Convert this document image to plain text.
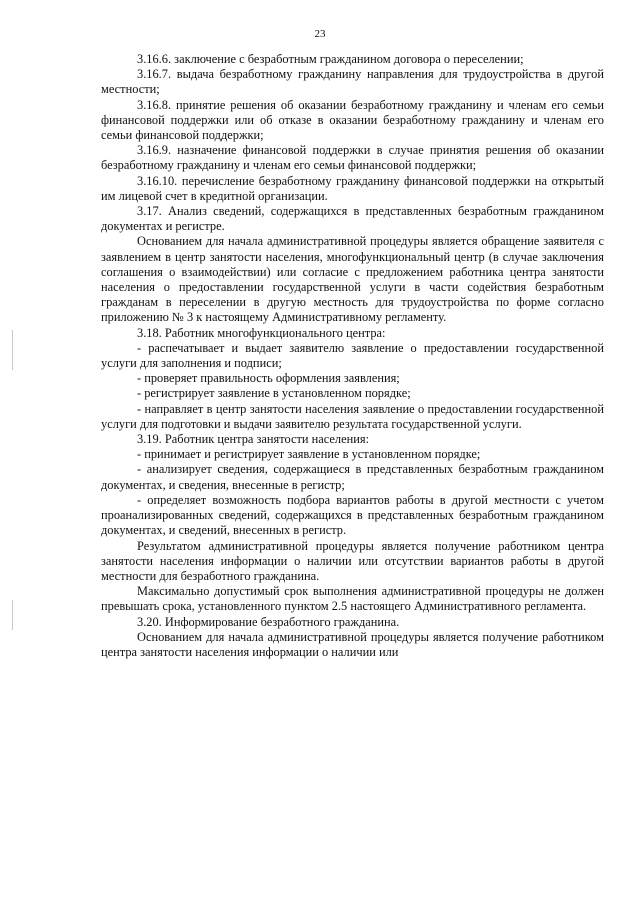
23

3.16.6. заключение с безработным гражданином договора о переселении;

3.16.7. выдача безработному гражданину направления для трудоустройства в другой местности;

3.16.8. принятие решения об оказании безработному гражданину и членам его семьи финансовой поддержки или об отказе в оказании безработному гражданину и членам его семьи финансовой поддержки;

3.16.9. назначение финансовой поддержки в случае принятия решения об оказании безработному гражданину и членам его семьи финансовой поддержки;

3.16.10. перечисление безработному гражданину финансовой поддержки на открытый им лицевой счет в кредитной организации.

3.17. Анализ сведений, содержащихся в представленных безработным гражданином документах и регистре.

Основанием для начала административной процедуры является обращение заявителя с заявлением в центр занятости населения, многофункциональный центр (в случае заключения соглашения о взаимодействии) или согласие с предложением работника центра занятости населения о предоставлении государственной услуги в части содействия безработным гражданам в переселении в другую местность для трудоустройства по форме согласно приложению № 3 к настоящему Административному регламенту.

3.18. Работник многофункционального центра:

- распечатывает и выдает заявителю заявление о предоставлении государственной услуги для заполнения и подписи;

- проверяет правильность оформления заявления;

- регистрирует заявление в установленном порядке;

- направляет в центр занятости населения заявление о предоставлении государственной услуги для подготовки и выдачи заявителю результата государственной услуги.

3.19. Работник центра занятости населения:

- принимает и регистрирует заявление в установленном порядке;

- анализирует сведения, содержащиеся в представленных безработным гражданином документах, и сведения, внесенные в регистр;

- определяет возможность подбора вариантов работы в другой местности с учетом проанализированных сведений, содержащихся в представленных безработным гражданином документах, и сведений, внесенных в регистр.

Результатом административной процедуры является получение работником центра занятости населения информации о наличии или отсутствии вариантов работы в другой местности для безработного гражданина.

Максимально допустимый срок выполнения административной процедуры не должен превышать срока, установленного пунктом 2.5 настоящего Административного регламента.

3.20. Информирование безработного гражданина.

Основанием для начала административной процедуры является получение работником центра занятости населения информации о наличии или
